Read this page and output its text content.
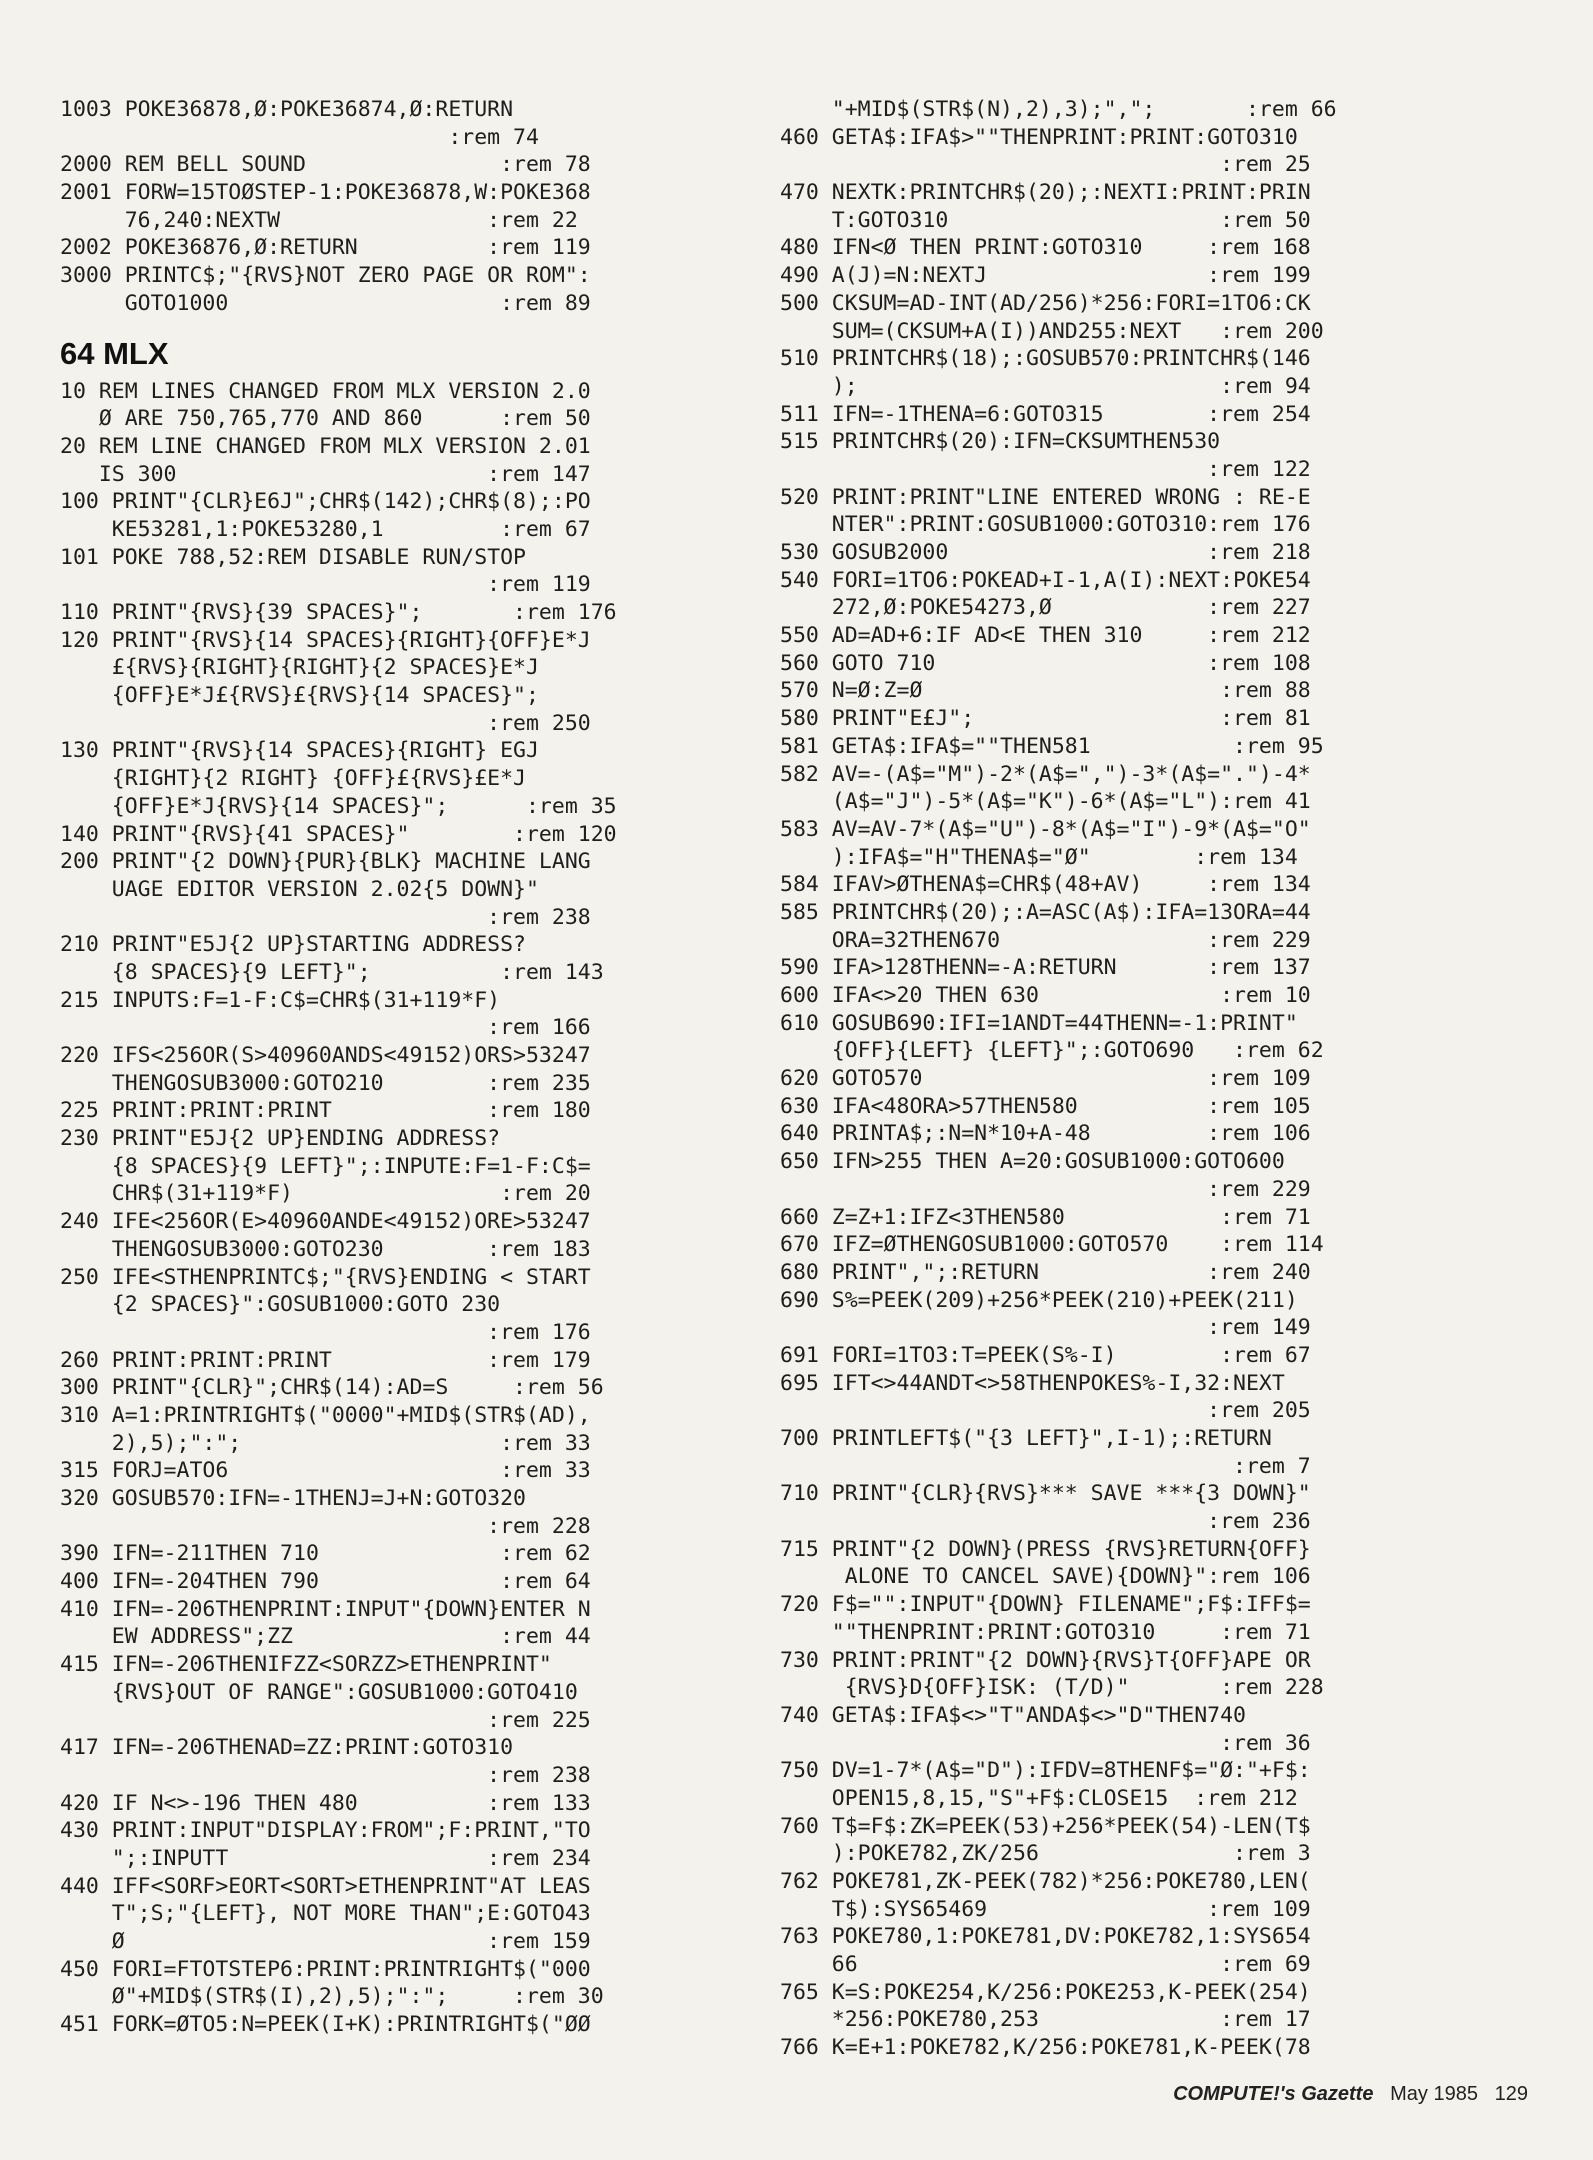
1003 POKE36878,Ø:POKE36874,Ø:RETURN
:rem 74
2000 REM BELL SOUND               :rem 78
2001 FORW=15TOØSTEP-1:POKE36878,W:POKE368
76,240:NEXTW                :rem 22
2002 POKE36876,Ø:RETURN          :rem 119
3000 PRINTC$;"{RVS}NOT ZERO PAGE OR ROM":
GOTO1000                     :rem 89
64 MLX
10 REM LINES CHANGED FROM MLX VERSION 2.0
Ø ARE 750,765,770 AND 860      :rem 50
20 REM LINE CHANGED FROM MLX VERSION 2.01
IS 300                        :rem 147
100 PRINT"{CLR}E6J";CHR$(142);CHR$(8);:PO
KE53281,1:POKE53280,1         :rem 67
101 POKE 788,52:REM DISABLE RUN/STOP
:rem 119
110 PRINT"{RVS}{39 SPACES}";       :rem 176
120 PRINT"{RVS}{14 SPACES}{RIGHT}{OFF}E*J
£{RVS}{RIGHT}{RIGHT}{2 SPACES}E*J
{OFF}E*J£{RVS}£{RVS}{14 SPACES}";
:rem 250
130 PRINT"{RVS}{14 SPACES}{RIGHT} EGJ
{RIGHT}{2 RIGHT} {OFF}£{RVS}£E*J
{OFF}E*J{RVS}{14 SPACES}";      :rem 35
140 PRINT"{RVS}{41 SPACES}"        :rem 120
200 PRINT"{2 DOWN}{PUR}{BLK} MACHINE LANG
UAGE EDITOR VERSION 2.02{5 DOWN}"
:rem 238
210 PRINT"E5J{2 UP}STARTING ADDRESS?
{8 SPACES}{9 LEFT}";          :rem 143
215 INPUTS:F=1-F:C$=CHR$(31+119*F)
:rem 166
220 IFS<256OR(S>40960ANDS<49152)ORS>53247
THENGOSUB3000:GOTO210        :rem 235
225 PRINT:PRINT:PRINT            :rem 180
230 PRINT"E5J{2 UP}ENDING ADDRESS?
{8 SPACES}{9 LEFT}";:INPUTE:F=1-F:C$=
CHR$(31+119*F)                :rem 20
240 IFE<256OR(E>40960ANDE<49152)ORE>53247
THENGOSUB3000:GOTO230        :rem 183
250 IFE<STHENPRINTC$;"{RVS}ENDING < START
{2 SPACES}":GOSUB1000:GOTO 230
:rem 176
260 PRINT:PRINT:PRINT            :rem 179
300 PRINT"{CLR}";CHR$(14):AD=S     :rem 56
310 A=1:PRINTRIGHT$("0000"+MID$(STR$(AD),
2),5);":";                    :rem 33
315 FORJ=ATO6                     :rem 33
320 GOSUB570:IFN=-1THENJ=J+N:GOTO320
:rem 228
390 IFN=-211THEN 710              :rem 62
400 IFN=-204THEN 790              :rem 64
410 IFN=-206THENPRINT:INPUT"{DOWN}ENTER N
EW ADDRESS";ZZ                :rem 44
415 IFN=-206THENIFZZ<SORZZ>ETHENPRINT"
{RVS}OUT OF RANGE":GOSUB1000:GOTO410
:rem 225
417 IFN=-206THENAD=ZZ:PRINT:GOTO310
:rem 238
420 IF N<>-196 THEN 480          :rem 133
430 PRINT:INPUT"DISPLAY:FROM";F:PRINT,"TO
";:INPUTT                    :rem 234
440 IFF<SORF>EORT<SORT>ETHENPRINT"AT LEAS
T";S;"{LEFT}, NOT MORE THAN";E:GOTO43
Ø                            :rem 159
450 FORI=FTOTSTEP6:PRINT:PRINTRIGHT$("000
Ø"+MID$(STR$(I),2),5);":";     :rem 30
451 FORK=ØTO5:N=PEEK(I+K):PRINTRIGHT$("ØØ
"+MID$(STR$(N),2),3);",";       :rem 66
460 GETA$:IFA$>""THENPRINT:PRINT:GOTO310
:rem 25
470 NEXTK:PRINTCHR$(20);:NEXTI:PRINT:PRIN
T:GOTO310                     :rem 50
480 IFN<Ø THEN PRINT:GOTO310     :rem 168
490 A(J)=N:NEXTJ                 :rem 199
500 CKSUM=AD-INT(AD/256)*256:FORI=1TO6:CK
SUM=(CKSUM+A(I))AND255:NEXT   :rem 200
510 PRINTCHR$(18);:GOSUB570:PRINTCHR$(146
);                            :rem 94
511 IFN=-1THENA=6:GOTO315        :rem 254
515 PRINTCHR$(20):IFN=CKSUMTHEN530
:rem 122
520 PRINT:PRINT"LINE ENTERED WRONG : RE-E
NTER":PRINT:GOSUB1000:GOTO310:rem 176
530 GOSUB2000                    :rem 218
540 FORI=1TO6:POKEAD+I-1,A(I):NEXT:POKE54
272,Ø:POKE54273,Ø            :rem 227
550 AD=AD+6:IF AD<E THEN 310     :rem 212
560 GOTO 710                     :rem 108
570 N=Ø:Z=Ø                       :rem 88
580 PRINT"E£J";                   :rem 81
581 GETA$:IFA$=""THEN581           :rem 95
582 AV=-(A$="M")-2*(A$=",")-3*(A$=".")-4*
(A$="J")-5*(A$="K")-6*(A$="L"):rem 41
583 AV=AV-7*(A$="U")-8*(A$="I")-9*(A$="O"
):IFA$="H"THENA$="Ø"        :rem 134
584 IFAV>ØTHENA$=CHR$(48+AV)     :rem 134
585 PRINTCHR$(20);:A=ASC(A$):IFA=13ORA=44
ORA=32THEN670                :rem 229
590 IFA>128THENN=-A:RETURN       :rem 137
600 IFA<>20 THEN 630              :rem 10
610 GOSUB690:IFI=1ANDT=44THENN=-1:PRINT"
{OFF}{LEFT} {LEFT}";:GOTO690   :rem 62
620 GOTO570                      :rem 109
630 IFA<48ORA>57THEN580          :rem 105
640 PRINTA$;:N=N*10+A-48         :rem 106
650 IFN>255 THEN A=20:GOSUB1000:GOTO600
:rem 229
660 Z=Z+1:IFZ<3THEN580            :rem 71
670 IFZ=ØTHENGOSUB1000:GOTO570    :rem 114
680 PRINT",";:RETURN             :rem 240
690 S%=PEEK(209)+256*PEEK(210)+PEEK(211)
:rem 149
691 FORI=1TO3:T=PEEK(S%-I)        :rem 67
695 IFT<>44ANDT<>58THENPOKES%-I,32:NEXT
:rem 205
700 PRINTLEFT$("{3 LEFT}",I-1);:RETURN
:rem 7
710 PRINT"{CLR}{RVS}*** SAVE ***{3 DOWN}"
:rem 236
715 PRINT"{2 DOWN}(PRESS {RVS}RETURN{OFF}
ALONE TO CANCEL SAVE){DOWN}":rem 106
720 F$="":INPUT"{DOWN} FILENAME";F$:IFF$=
""THENPRINT:PRINT:GOTO310     :rem 71
730 PRINT:PRINT"{2 DOWN}{RVS}T{OFF}APE OR
{RVS}D{OFF}ISK: (T/D)"       :rem 228
740 GETA$:IFA$<>"T"ANDA$<>"D"THEN740
:rem 36
750 DV=1-7*(A$="D"):IFDV=8THENF$="Ø:"+F$:
OPEN15,8,15,"S"+F$:CLOSE15  :rem 212
760 T$=F$:ZK=PEEK(53)+256*PEEK(54)-LEN(T$
):POKE782,ZK/256               :rem 3
762 POKE781,ZK-PEEK(782)*256:POKE780,LEN(
T$):SYS65469                 :rem 109
763 POKE780,1:POKE781,DV:POKE782,1:SYS654
66                            :rem 69
765 K=S:POKE254,K/256:POKE253,K-PEEK(254)
*256:POKE780,253              :rem 17
766 K=E+1:POKE782,K/256:POKE781,K-PEEK(78
COMPUTE!'s Gazette May 1985 129
